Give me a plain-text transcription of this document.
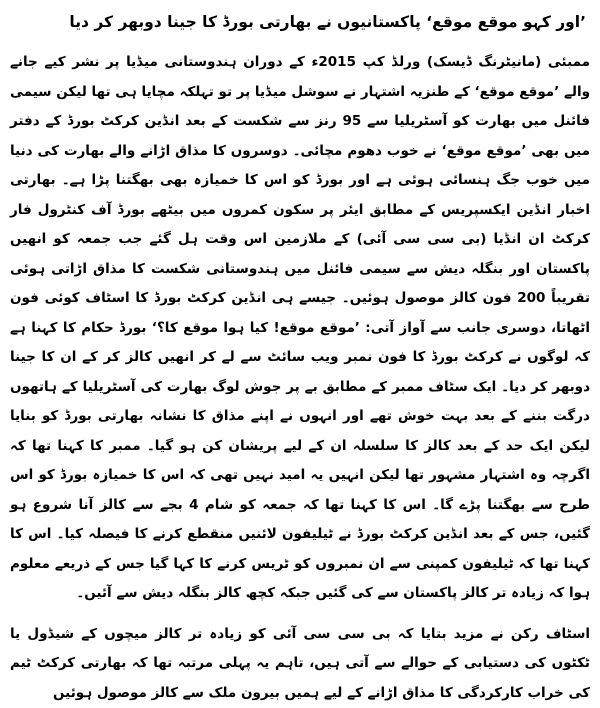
’اور کہو موقع موقع‘ پاکستانیوں نے بھارتی بورڈ کا جینا دوبھر کر دیا

ممبئی (مانیٹرنگ ڈیسک) ورلڈ کپ 2015ء کے دوران ہندوستانی میڈیا پر نشر کیے جانے والے ’موقع موقع‘ کے طنزیہ اشتہار نے سوشل میڈیا پر تو تہلکہ مچایا ہی تھا لیکن سیمی فائنل میں بھارت کو آسٹریلیا سے 95 رنز سے شکست کے بعد انڈین کرکٹ بورڈ کے دفتر میں بھی ’موقع موقع‘ نے خوب دھوم مچائی۔ دوسروں کا مذاق اڑانے والے بھارت کی دنیا میں خوب جگ ہنسائی ہوئی ہے اور بورڈ کو اس کا خمیازہ بھی بھگتنا پڑا ہے۔ بھارتی اخبار انڈین ایکسپریس کے مطابق ایئر پر سکون کمروں میں بیٹھے بورڈ آف کنٹرول فار کرکٹ ان انڈیا (بی سی سی آئی) کے ملازمین اس وقت ہل گئے جب جمعہ کو انھیں پاکستان اور بنگلہ دیش سے سیمی فائنل میں ہندوستانی شکست کا مذاق اڑاتی ہوئی تقریباً 200 فون کالز موصول ہوئیں۔ جیسے ہی انڈین کرکٹ بورڈ کا اسٹاف کوئی فون اٹھاتا، دوسری جانب سے آواز آتی: ’موقع موقع! کیا ہوا موقع کا؟‘ بورڈ حکام کا کہنا ہے کہ لوگوں نے کرکٹ بورڈ کا فون نمبر ویب سائٹ سے لے کر انھیں کالز کر کے ان کا جینا دوبھر کر دیا۔ ایک سٹاف ممبر کے مطابق بے پر جوش لوگ بھارت کی آسٹریلیا کے ہاتھوں درگت بننے کے بعد بہت خوش تھے اور انہوں نے اپنے مذاق کا نشانہ بھارتی بورڈ کو بنایا لیکن ایک حد کے بعد کالز کا سلسلہ ان کے لیے پریشان کن ہو گیا۔ ممبر کا کہنا تھا کہ اگرچہ وہ اشتہار مشہور تھا لیکن انہیں یہ امید نہیں تھی کہ اس کا خمیازہ بورڈ کو اس طرح سے بھگتنا پڑے گا۔ اس کا کہنا تھا کہ جمعہ کو شام 4 بجے سے کالز آنا شروع ہو گئیں، جس کے بعد انڈین کرکٹ بورڈ نے ٹیلیفون لائنیں منقطع کرنے کا فیصلہ کیا۔ اس کا کہنا تھا کہ ٹیلیفون کمپنی سے ان نمبروں کو ٹریس کرنے کا کہا گیا جس کے ذریعے معلوم ہوا کہ زیادہ تر کالز پاکستان سے کی گئیں جبکہ کچھ کالز بنگلہ دیش سے آئیں۔

اسٹاف رکن نے مزید بتایا کہ بی سی سی آئی کو زیادہ تر کالز میچوں کے شیڈول یا ٹکٹوں کی دستیابی کے حوالے سے آتی ہیں، تاہم یہ پہلی مرتبہ تھا کہ بھارتی کرکٹ ٹیم کی خراب کارکردگی کا مذاق اڑانے کے لیے ہمیں بیرون ملک سے کالز موصول ہوئیں
